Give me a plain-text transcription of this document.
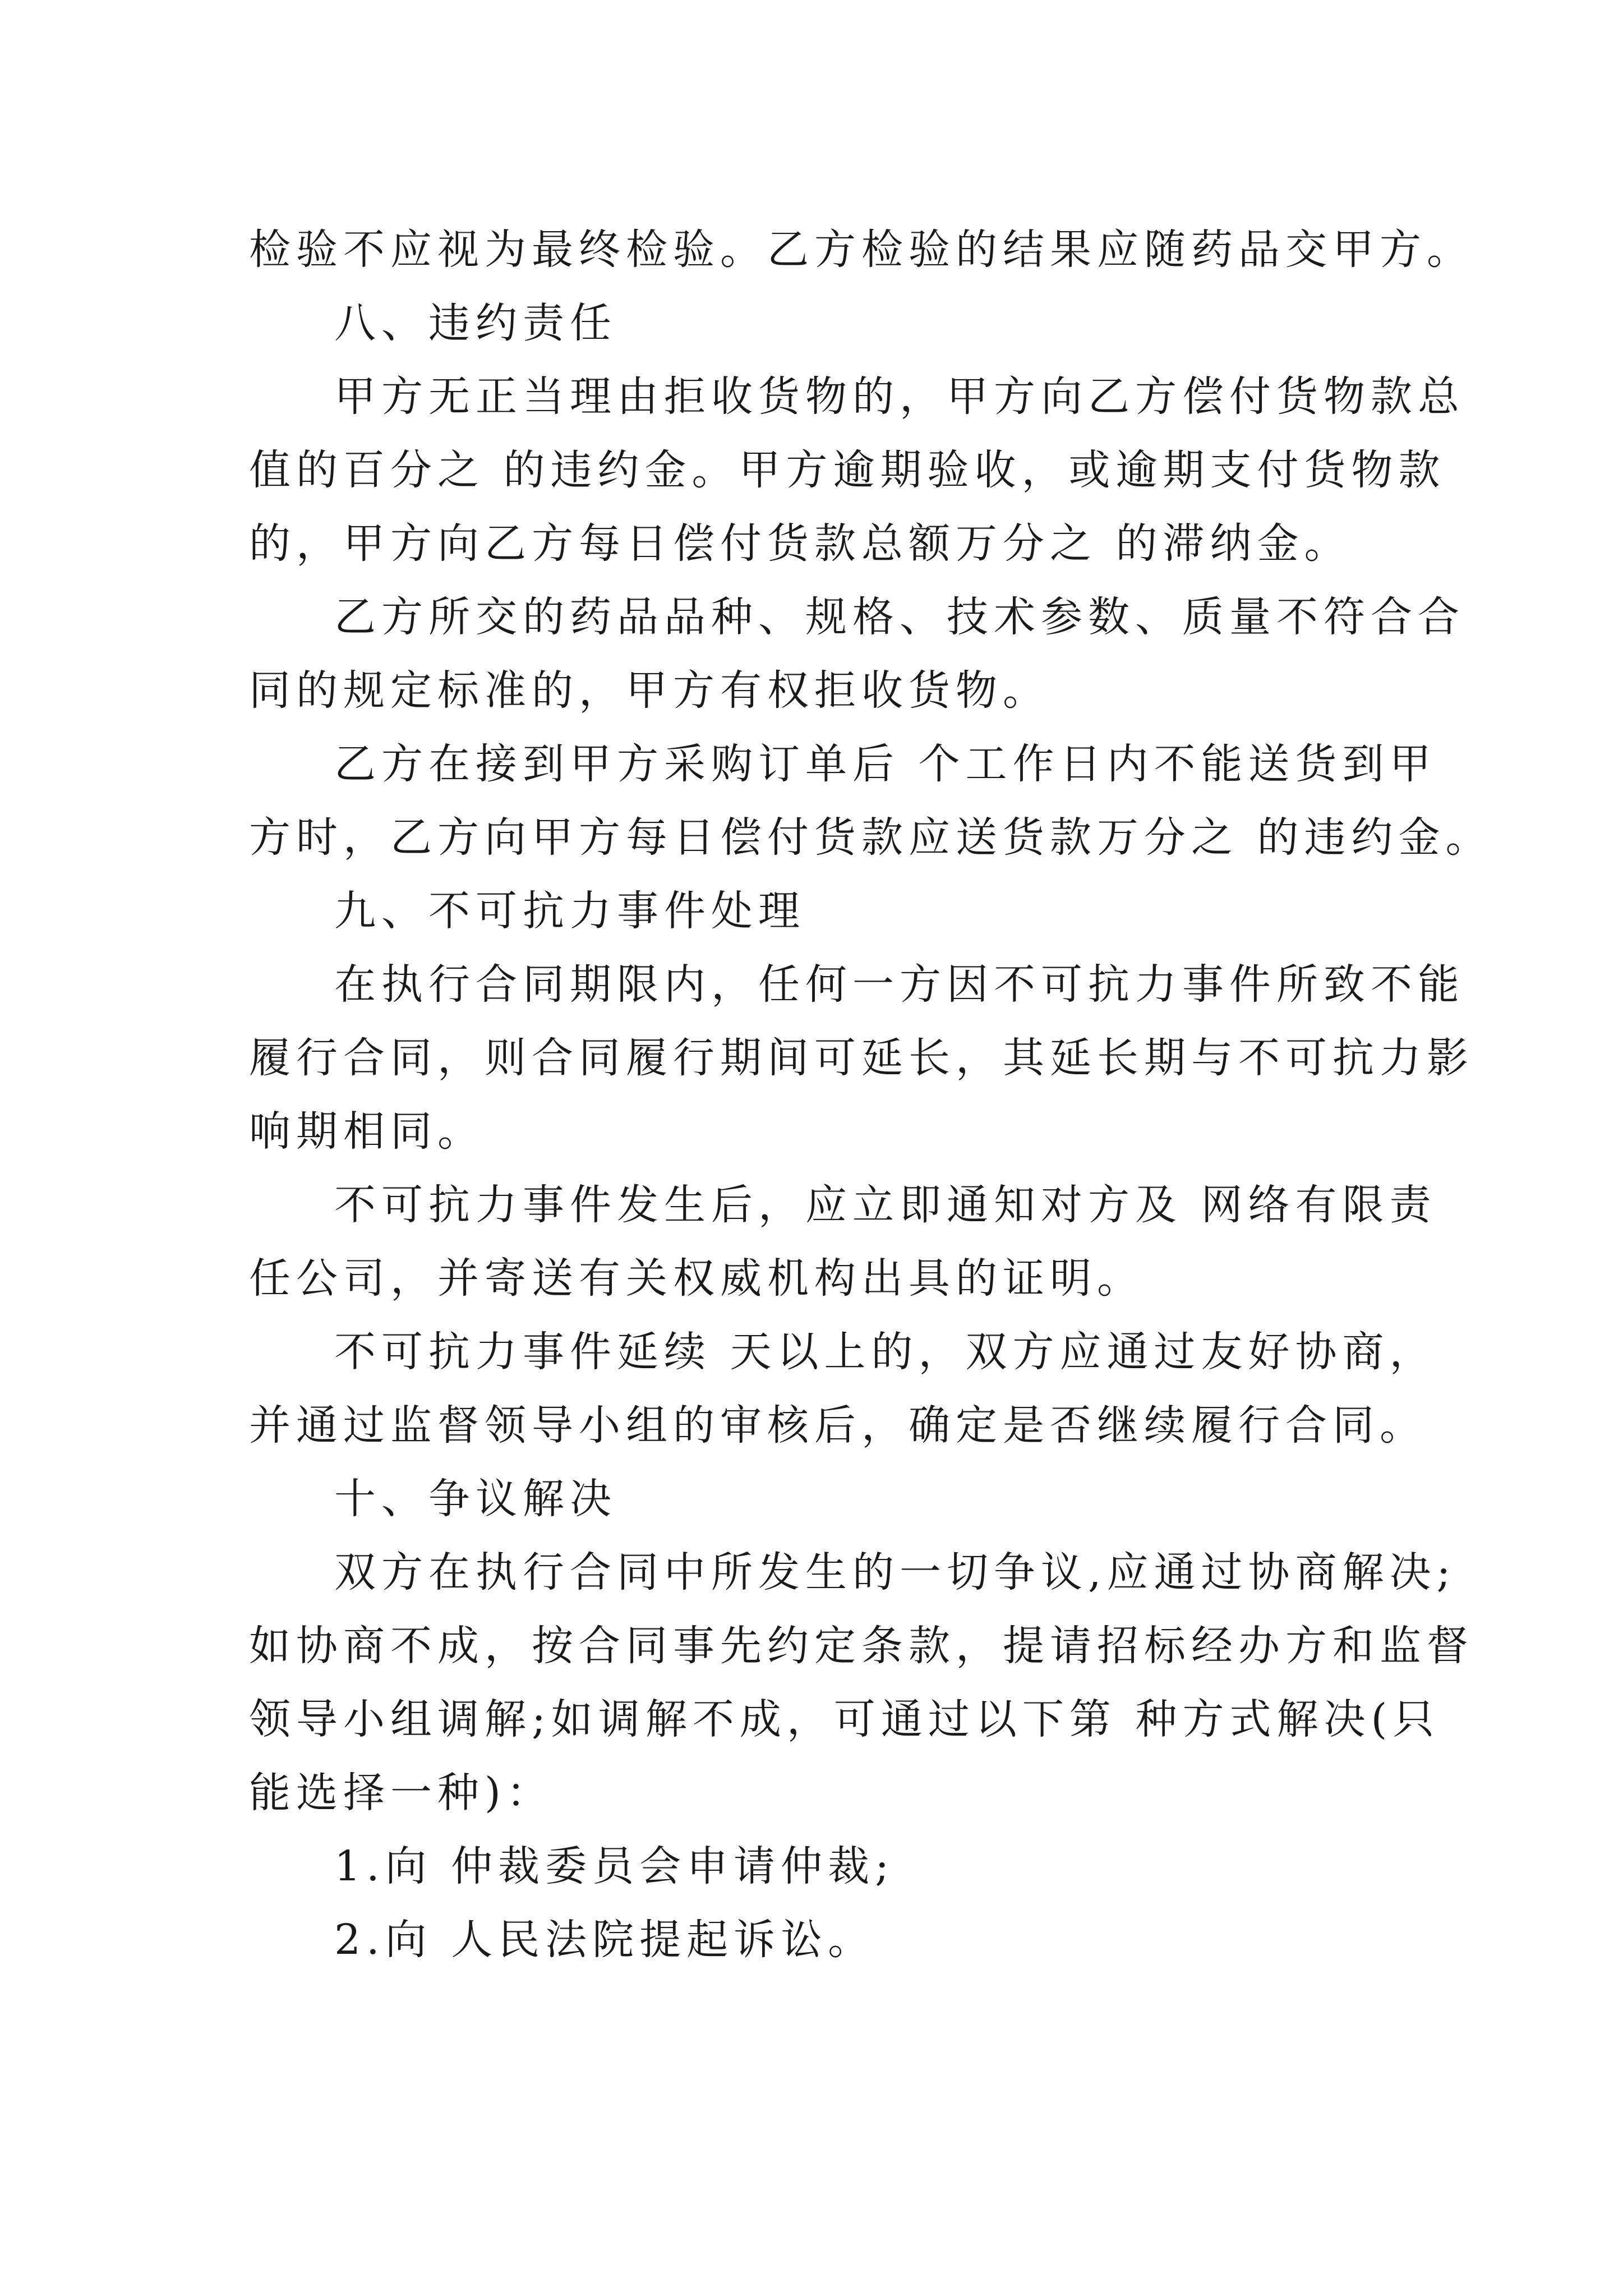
检验不应视为最终检验。乙方检验的结果应随药品交甲方。

八、违约责任

甲方无正当理由拒收货物的，甲方向乙方偿付货物款总

值的百分之 的违约金。甲方逾期验收，或逾期支付货物款

的，甲方向乙方每日偿付货款总额万分之 的滞纳金。

乙方所交的药品品种、规格、技术参数、质量不符合合

同的规定标准的，甲方有权拒收货物。

乙方在接到甲方采购订单后 个工作日内不能送货到甲

方时，乙方向甲方每日偿付货款应送货款万分之 的违约金。

九、不可抗力事件处理

在执行合同期限内，任何一方因不可抗力事件所致不能

履行合同，则合同履行期间可延长，其延长期与不可抗力影

响期相同。

不可抗力事件发生后，应立即通知对方及 网络有限责

任公司，并寄送有关权威机构出具的证明。

不可抗力事件延续 天以上的，双方应通过友好协商，

并通过监督领导小组的审核后，确定是否继续履行合同。

十、争议解决

双方在执行合同中所发生的一切争议,应通过协商解决;

如协商不成，按合同事先约定条款，提请招标经办方和监督

领导小组调解;如调解不成，可通过以下第 种方式解决(只

能选择一种)：

1.向 仲裁委员会申请仲裁;

2.向 人民法院提起诉讼。
